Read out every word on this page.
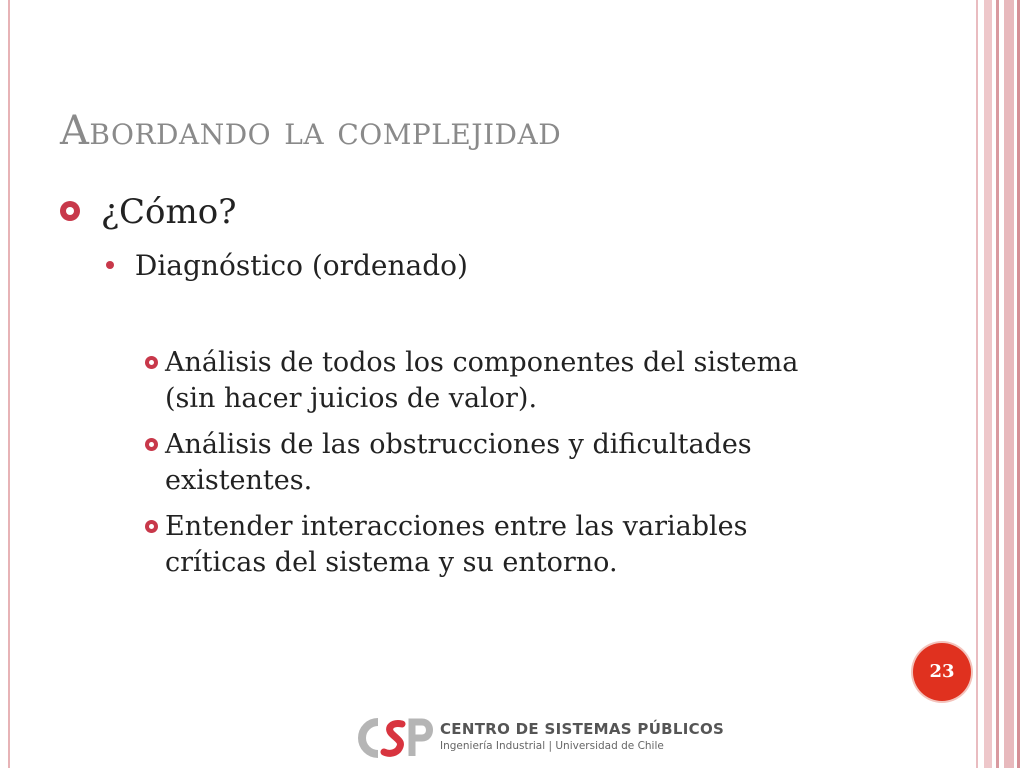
Abordando la complejidad
¿Cómo?
Diagnóstico (ordenado)
Análisis de todos los componentes del sistema
(sin hacer juicios de valor).
Análisis de las obstrucciones y dificultades
existentes.
Entender interacciones entre las variables
críticas del sistema y su entorno.
23
CENTRO DE SISTEMAS PÚBLICOS
Ingeniería Industrial | Universidad de Chile
